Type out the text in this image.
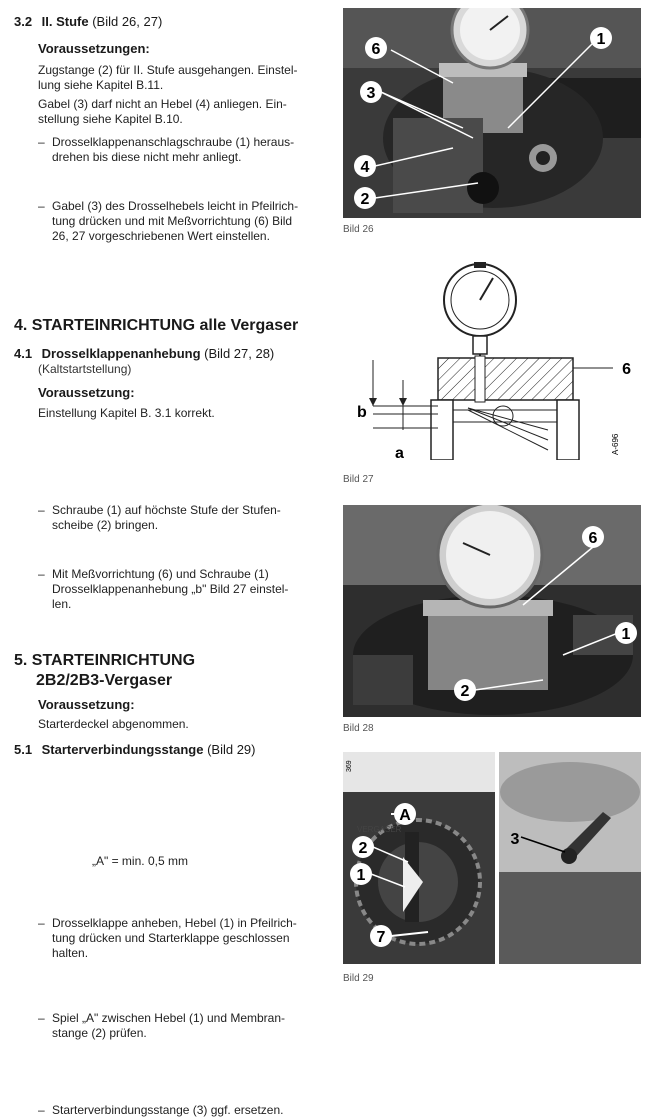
3.2 II. Stufe (Bild 26, 27)
Voraussetzungen:
Zugstange (2) für II. Stufe ausgehangen. Einstel-
lung siehe Kapitel B.11.
Gabel (3) darf nicht an Hebel (4) anliegen. Ein-
stellung siehe Kapitel B.10.
– Drosselklappenanschlagschraube (1) heraus-
drehen bis diese nicht mehr anliegt.
– Gabel (3) des Drosselhebels leicht in Pfeilrich-
tung drücken und mit Meßvorrichtung (6) Bild
26, 27 vorgeschriebenen Wert einstellen.
4. STARTEINRICHTUNG alle Vergaser
4.1 Drosselklappenanhebung (Bild 27, 28)
(Kaltstartstellung)
Voraussetzung:
Einstellung Kapitel B. 3.1 korrekt.
– Schraube (1) auf höchste Stufe der Stufen-
scheibe (2) bringen.
– Mit Meßvorrichtung (6) und Schraube (1)
Drosselklappenanhebung „b" Bild 27 einstel-
len.
5. STARTEINRICHTUNG
2B2/2B3-Vergaser
Voraussetzung:
Starterdeckel abgenommen.
5.1 Starterverbindungsstange (Bild 29)
– Drosselklappe anheben, Hebel (1) in Pfeilrich-
tung drücken und Starterklappe geschlossen
halten.
– Spiel „A" zwischen Hebel (1) und Membran-
stange (2) prüfen.
„A" = min. 0,5 mm
– Starterverbindungsstange (3) ggf. ersetzen.
6
1
3
4
2
Bild 26
6
b
a	A-696
Bild 27
6
1
2
Bild 28
VERGASER
369
A
2
1
3
7
Bild 29
